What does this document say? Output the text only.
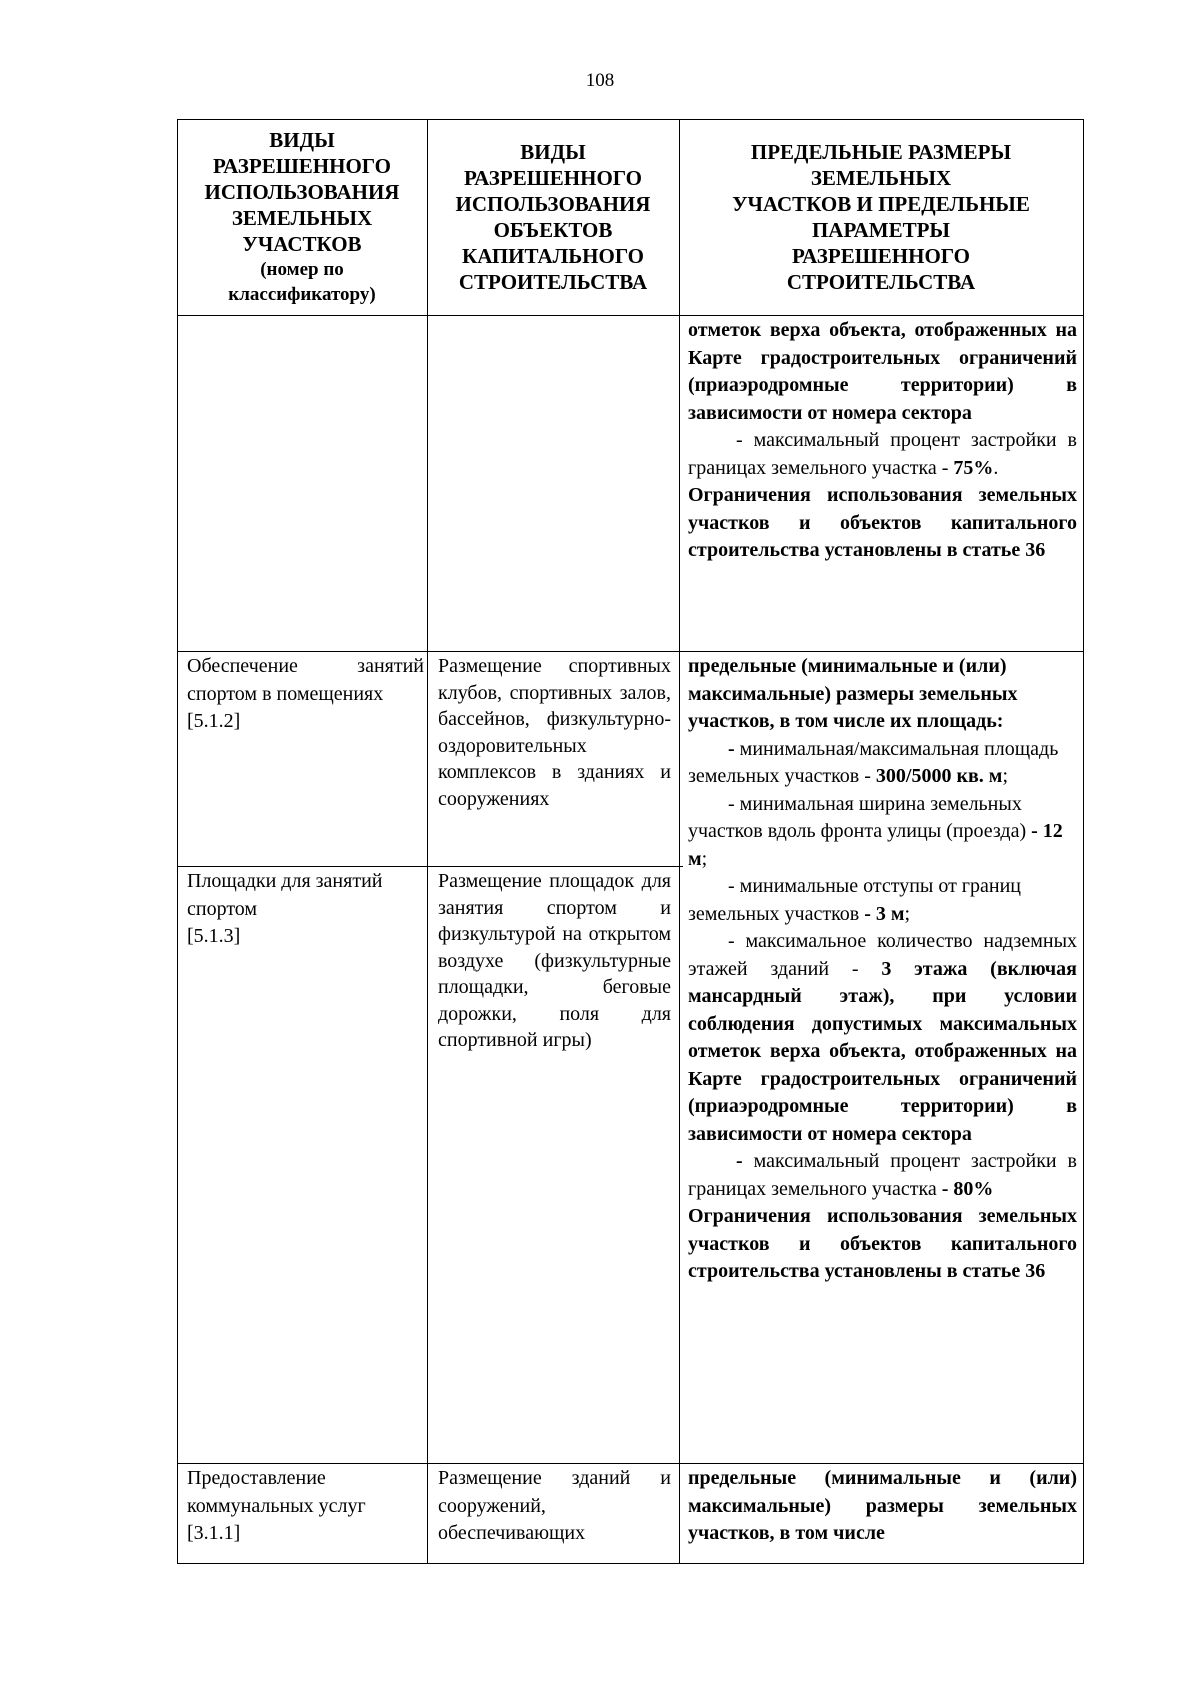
108
ВИДЫ
РАЗРЕШЕННОГО
ИСПОЛЬЗОВАНИЯ
ЗЕМЕЛЬНЫХ
УЧАСТКОВ
(номер по
классификатору)
ВИДЫ
РАЗРЕШЕННОГО
ИСПОЛЬЗОВАНИЯ
ОБЪЕКТОВ
КАПИТАЛЬНОГО
СТРОИТЕЛЬСТВА
ПРЕДЕЛЬНЫЕ РАЗМЕРЫ
ЗЕМЕЛЬНЫХ
УЧАСТКОВ И ПРЕДЕЛЬНЫЕ
ПАРАМЕТРЫ
РАЗРЕШЕННОГО
СТРОИТЕЛЬСТВА

отметок верха объекта, отображенных на Карте градостроительных ограничений (приаэродромные территории) в зависимости от номера сектора

- максимальный процент застройки в границах земельного участка - 75%.

Ограничения использования земельных участков и объектов капитального строительства установлены в статье 36

Обеспечение занятий спортом в помещениях

[5.1.2]

Размещение спортивных клубов, спортивных залов, бассейнов, физкультурно-оздоровительных комплексов в зданиях и сооружениях

Площадки для занятий спортом

[5.1.3]

Размещение площадок для занятия спортом и физкультурой на открытом воздухе (физкультурные площадки, беговые дорожки, поля для спортивной игры)

предельные (минимальные и (или) максимальные) размеры земельных участков, в том числе их площадь:

- минимальная/максимальная площадь земельных участков - 300/5000 кв. м;

- минимальная ширина земельных участков вдоль фронта улицы (проезда) - 12 м;

- минимальные отступы от границ земельных участков - 3 м;

- максимальное количество надземных этажей зданий - 3 этажа (включая мансардный этаж), при условии соблюдения допустимых максимальных отметок верха объекта, отображенных на Карте градостроительных ограничений (приаэродромные территории) в зависимости от номера сектора

- максимальный процент застройки в границах земельного участка - 80%

Ограничения использования земельных участков и объектов капитального строительства установлены в статье 36

Предоставление коммунальных услуг

[3.1.1]

Размещение зданий и сооружений, обеспечивающих

предельные (минимальные и (или) максимальные) размеры земельных участков, в том числе
